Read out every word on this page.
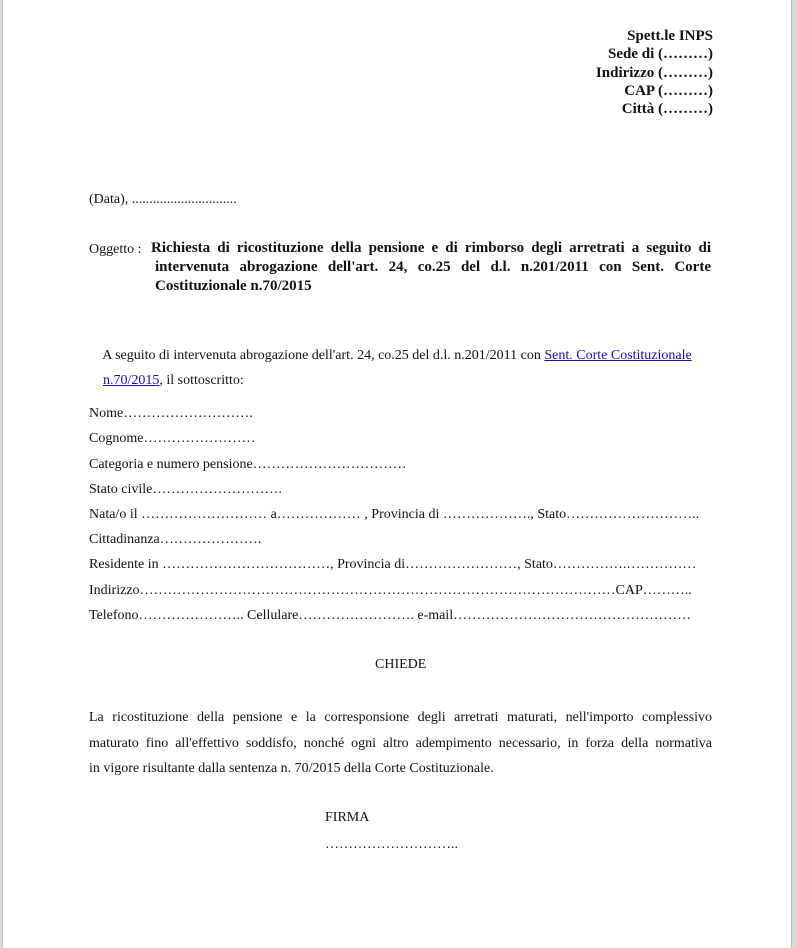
Spett.le INPS
Sede di (………)
Indirizzo (………)
CAP (………)
Città (………)
(Data), ..............................
Oggetto : Richiesta di ricostituzione della pensione e di rimborso degli arretrati a seguito di
intervenuta abrogazione dell'art. 24, co.25 del d.l. n.201/2011 con Sent. Corte
Costituzionale n.70/2015

A seguito di intervenuta abrogazione dell'art. 24, co.25 del d.l. n.201/2011 con Sent. Corte Costituzionale

n.70/2015, il sottoscritto:

Nome……………………….
Cognome……………………
Categoria e numero pensione……………………………
Stato civile……………………….
Nata/o il ……………………… a……………… , Provincia di ………………., Stato………………………..
Cittadinanza………………….
Residente in ………………………………, Provincia di……………………, Stato…………….……………
Indirizzo…………………………………………………………………………………………CAP………..
Telefono………………….. Cellulare……………………. e-mail……………………………………………
CHIEDE
La ricostituzione della pensione e la corresponsione degli arretrati maturati, nell'importo complessivo
maturato fino all'effettivo soddisfo, nonché ogni altro adempimento necessario, in forza della normativa
in vigore risultante dalla sentenza n. 70/2015 della Corte Costituzionale.
FIRMA
………………………..
